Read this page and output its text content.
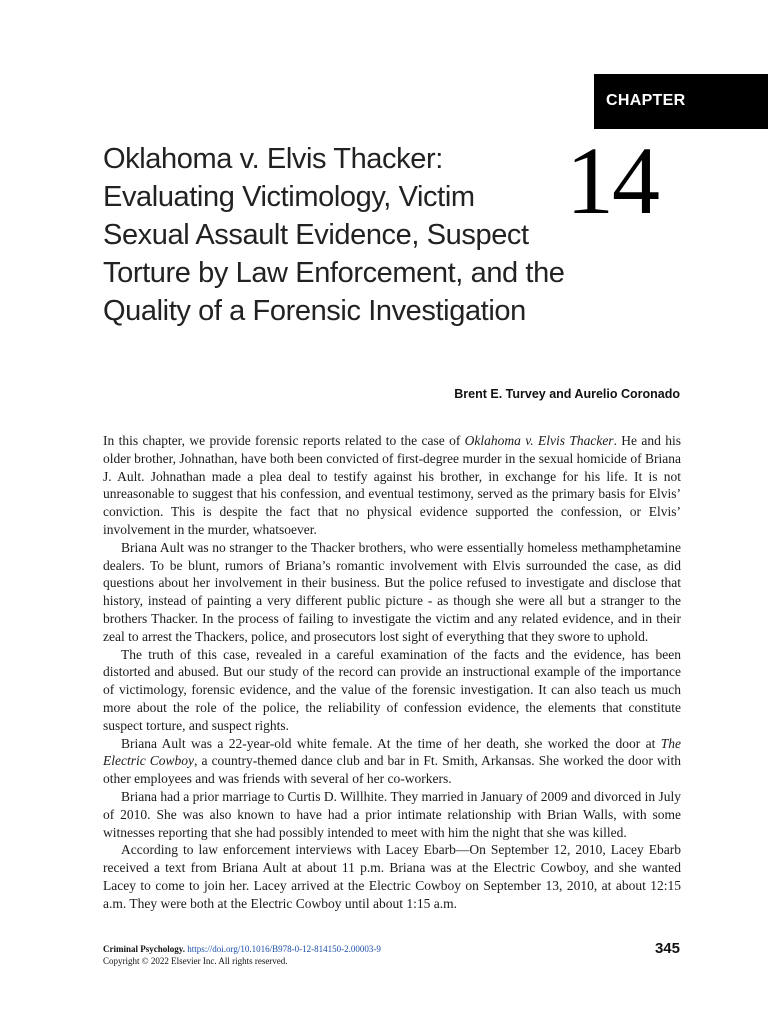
CHAPTER
14
Oklahoma v. Elvis Thacker:
Evaluating Victimology, Victim
Sexual Assault Evidence, Suspect
Torture by Law Enforcement, and the
Quality of a Forensic Investigation
Brent E. Turvey and Aurelio Coronado

In this chapter, we provide forensic reports related to the case of Oklahoma v. Elvis Thacker. He and his older brother, Johnathan, have both been convicted of first-degree murder in the sexual homicide of Briana J. Ault. Johnathan made a plea deal to testify against his brother, in exchange for his life. It is not unreasonable to suggest that his confession, and eventual testimony, served as the primary basis for Elvis’ conviction. This is despite the fact that no physical evidence supported the confession, or Elvis’ involvement in the murder, whatsoever.

Briana Ault was no stranger to the Thacker brothers, who were essentially homeless methamphetamine dealers. To be blunt, rumors of Briana’s romantic involvement with Elvis surrounded the case, as did questions about her involvement in their business. But the police refused to investigate and disclose that history, instead of painting a very different public picture - as though she were all but a stranger to the brothers Thacker. In the process of failing to investigate the victim and any related evidence, and in their zeal to arrest the Thackers, police, and prosecutors lost sight of everything that they swore to uphold.

The truth of this case, revealed in a careful examination of the facts and the evidence, has been distorted and abused. But our study of the record can provide an instructional example of the importance of victimology, forensic evidence, and the value of the forensic investigation. It can also teach us much more about the role of the police, the reliability of confession evidence, the elements that constitute suspect torture, and suspect rights.

Briana Ault was a 22-year-old white female. At the time of her death, she worked the door at The Electric Cowboy, a country-themed dance club and bar in Ft. Smith, Arkansas. She worked the door with other employees and was friends with several of her co-workers.

Briana had a prior marriage to Curtis D. Willhite. They married in January of 2009 and divorced in July of 2010. She was also known to have had a prior intimate relationship with Brian Walls, with some witnesses reporting that she had possibly intended to meet with him the night that she was killed.

According to law enforcement interviews with Lacey Ebarb—On September 12, 2010, Lacey Ebarb received a text from Briana Ault at about 11 p.m. Briana was at the Electric Cowboy, and she wanted Lacey to come to join her. Lacey arrived at the Electric Cowboy on September 13, 2010, at about 12:15 a.m. They were both at the Electric Cowboy until about 1:15 a.m.

Criminal Psychology. https://doi.org/10.1016/B978-0-12-814150-2.00003-9
Copyright © 2022 Elsevier Inc. All rights reserved.
345
